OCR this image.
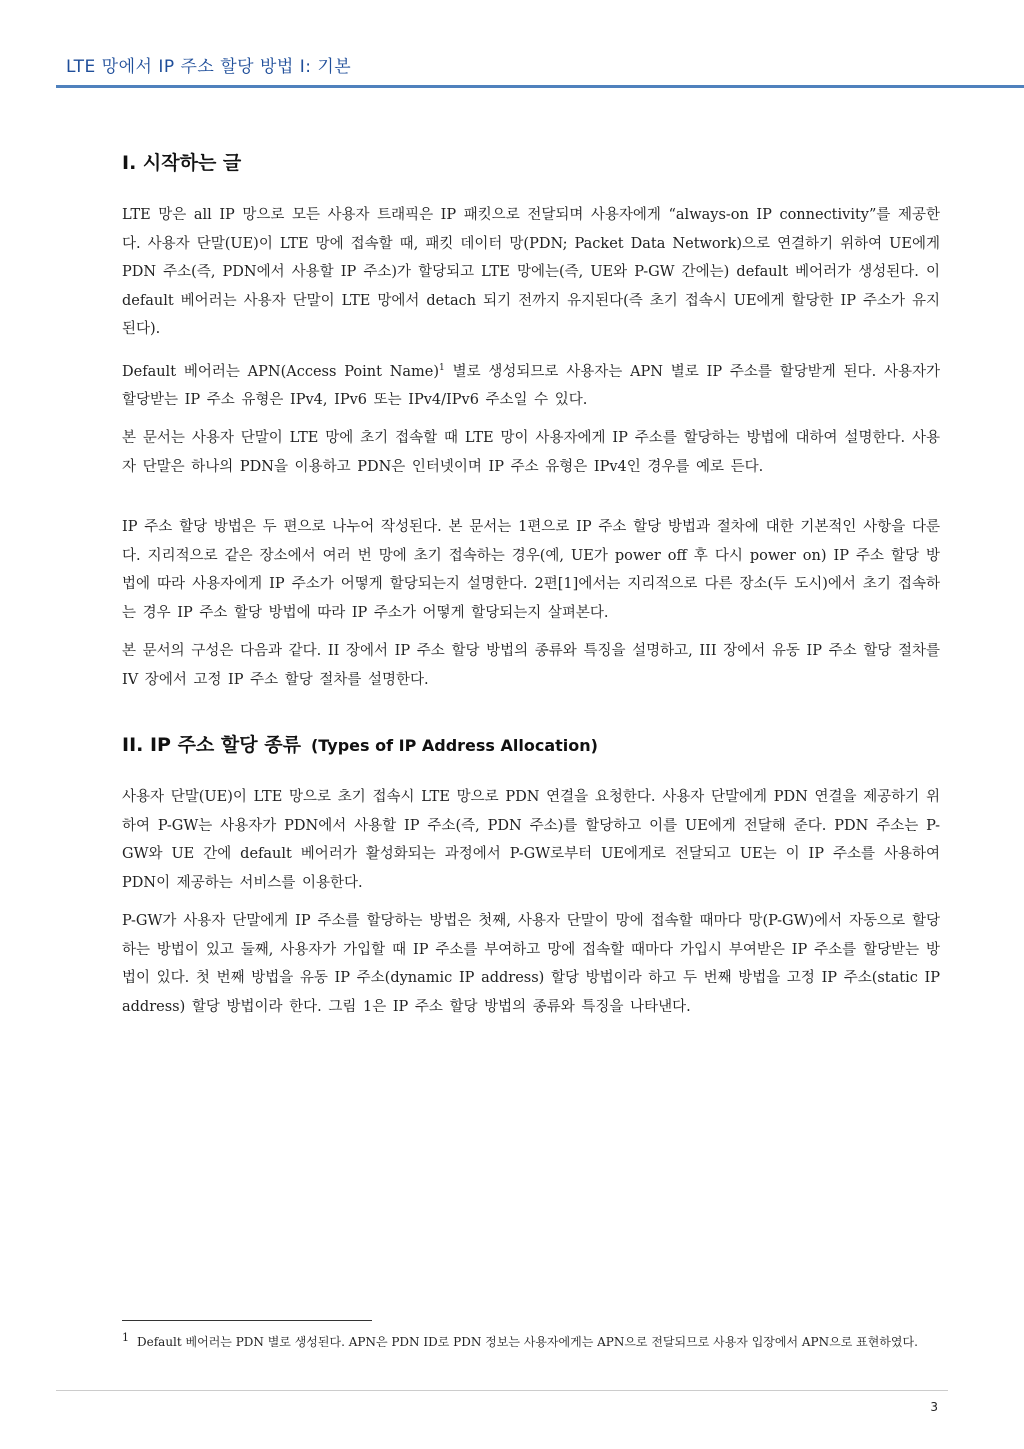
LTE 망에서 IP 주소 할당 방법 I: 기본
I. 시작하는 글

LTE 망은 all IP 망으로 모든 사용자 트래픽은 IP 패킷으로 전달되며 사용자에게 “always-on IP connectivity”를 제공한다. 사용자 단말(UE)이 LTE 망에 접속할 때, 패킷 데이터 망(PDN; Packet Data Network)으로 연결하기 위하여 UE에게 PDN 주소(즉, PDN에서 사용할 IP 주소)가 할당되고 LTE 망에는(즉, UE와 P-GW 간에는) default 베어러가 생성된다. 이 default 베어러는 사용자 단말이 LTE 망에서 detach 되기 전까지 유지된다(즉 초기 접속시 UE에게 할당한 IP 주소가 유지된다).

Default 베어러는 APN(Access Point Name)$^1$ 별로 생성되므로 사용자는 APN 별로 IP 주소를 할당받게 된다. 사용자가 할당받는 IP 주소 유형은 IPv4, IPv6 또는 IPv4/IPv6 주소일 수 있다.

본 문서는 사용자 단말이 LTE 망에 초기 접속할 때 LTE 망이 사용자에게 IP 주소를 할당하는 방법에 대하여 설명한다. 사용자 단말은 하나의 PDN을 이용하고 PDN은 인터넷이며 IP 주소 유형은 IPv4인 경우를 예로 든다.

IP 주소 할당 방법은 두 편으로 나누어 작성된다. 본 문서는 1편으로 IP 주소 할당 방법과 절차에 대한 기본적인 사항을 다룬다. 지리적으로 같은 장소에서 여러 번 망에 초기 접속하는 경우(예, UE가 power off 후 다시 power on) IP 주소 할당 방법에 따라 사용자에게 IP 주소가 어떻게 할당되는지 설명한다. 2편[1]에서는 지리적으로 다른 장소(두 도시)에서 초기 접속하는 경우 IP 주소 할당 방법에 따라 IP 주소가 어떻게 할당되는지 살펴본다.

본 문서의 구성은 다음과 같다. II 장에서 IP 주소 할당 방법의 종류와 특징을 설명하고, III 장에서 유동 IP 주소 할당 절차를 IV 장에서 고정 IP 주소 할당 절차를 설명한다.

II. IP 주소 할당 종류 (Types of IP Address Allocation)

사용자 단말(UE)이 LTE 망으로 초기 접속시 LTE 망으로 PDN 연결을 요청한다. 사용자 단말에게 PDN 연결을 제공하기 위하여 P-GW는 사용자가 PDN에서 사용할 IP 주소(즉, PDN 주소)를 할당하고 이를 UE에게 전달해 준다. PDN 주소는 P-GW와 UE 간에 default 베어러가 활성화되는 과정에서 P-GW로부터 UE에게로 전달되고 UE는 이 IP 주소를 사용하여 PDN이 제공하는 서비스를 이용한다.

P-GW가 사용자 단말에게 IP 주소를 할당하는 방법은 첫째, 사용자 단말이 망에 접속할 때마다 망(P-GW)에서 자동으로 할당하는 방법이 있고 둘째, 사용자가 가입할 때 IP 주소를 부여하고 망에 접속할 때마다 가입시 부여받은 IP 주소를 할당받는 방법이 있다. 첫 번째 방법을 유동 IP 주소(dynamic IP address) 할당 방법이라 하고 두 번째 방법을 고정 IP 주소(static IP address) 할당 방법이라 한다. 그림 1은 IP 주소 할당 방법의 종류와 특징을 나타낸다.

$^1$ Default 베어러는 PDN 별로 생성된다. APN은 PDN ID로 PDN 정보는 사용자에게는 APN으로 전달되므로 사용자 입장에서 APN으로 표현하였다.
3
